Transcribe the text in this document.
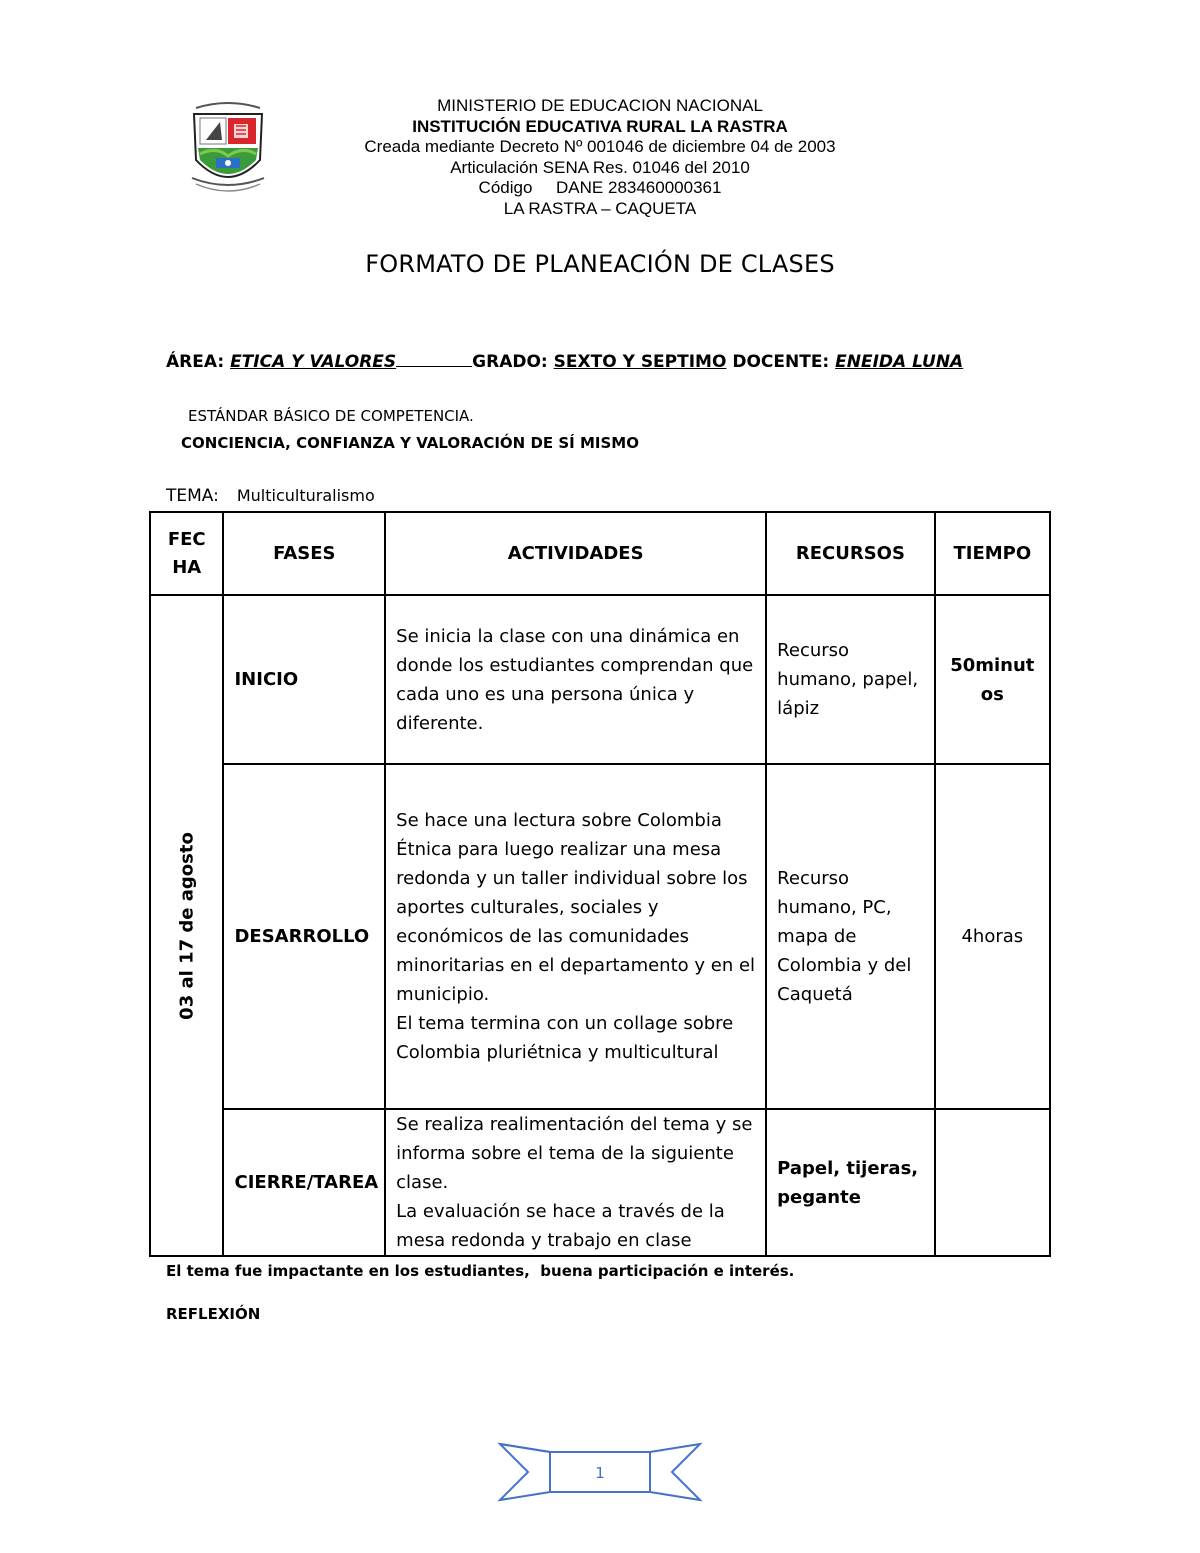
MINISTERIO DE EDUCACION NACIONAL
INSTITUCIÓN EDUCATIVA RURAL LA RASTRA
Creada mediante Decreto Nº 001046 de diciembre 04 de 2003
Articulación SENA Res. 01046 del 2010
Código     DANE 283460000361
LA RASTRA – CAQUETA
FORMATO DE PLANEACIÓN DE CLASES
ÁREA: ETICA Y VALORES	GRADO: SEXTO Y SEPTIMO DOCENTE: ENEIDA LUNA
ESTÁNDAR BÁSICO DE COMPETENCIA.
CONCIENCIA, CONFIANZA Y VALORACIÓN DE SÍ MISMO
TEMA: Multiculturalismo
FECHA	FASES	ACTIVIDADES	RECURSOS	TIEMPO

03 al 17 de agosto	INICIO	Se inicia la clase con una dinámica en donde los estudiantes comprendan que cada uno es una persona única y diferente.	Recurso humano, papel, lápiz	50minutos
	DESARROLLO	Se hace una lectura sobre Colombia Étnica para luego realizar una mesa redonda y un taller individual sobre los aportes culturales, sociales y económicos de las comunidades minoritarias en el departamento y en el municipio.
El tema termina con un collage sobre Colombia pluriétnica y multicultural	Recurso humano, PC, mapa de Colombia y del Caquetá	4horas
	CIERRE/TAREA	Se realiza realimentación del tema y se informa sobre el tema de la siguiente clase.
La evaluación se hace a través de la mesa redonda y trabajo en clase	Papel, tijeras, pegante	
El tema fue impactante en los estudiantes,  buena participación e interés.
REFLEXIÓN
1
